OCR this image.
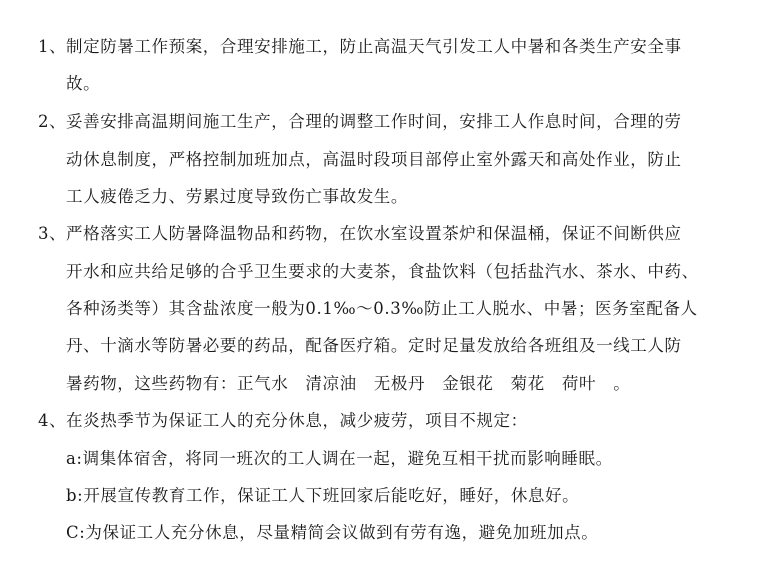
1、 制定防暑工作预案，合理安排施工，防止高温天气引发工人中暑和各类生产安全事
故。
2、 妥善安排高温期间施工生产，合理的调整工作时间，安排工人作息时间，合理的劳
动休息制度，严格控制加班加点，高温时段项目部停止室外露天和高处作业，防止
工人疲倦乏力、劳累过度导致伤亡事故发生。
3、 严格落实工人防暑降温物品和药物，在饮水室设置茶炉和保温桶，保证不间断供应
开水和应共给足够的合乎卫生要求的大麦茶，食盐饮料（包括盐汽水、茶水、中药、
各种汤类等）其含盐浓度一般为0.1‰～0.3‰防止工人脱水、中暑；医务室配备人
丹、十滴水等防暑必要的药品，配备医疗箱。定时足量发放给各班组及一线工人防
暑药物，这些药物有：正气水　清凉油　无极丹　金银花　菊花　荷叶　。
4、 在炎热季节为保证工人的充分休息，减少疲劳，项目不规定：
a:调集体宿舍，将同一班次的工人调在一起，避免互相干扰而影响睡眠。
b:开展宣传教育工作，保证工人下班回家后能吃好，睡好，休息好。
C:为保证工人充分休息，尽量精简会议做到有劳有逸，避免加班加点。
